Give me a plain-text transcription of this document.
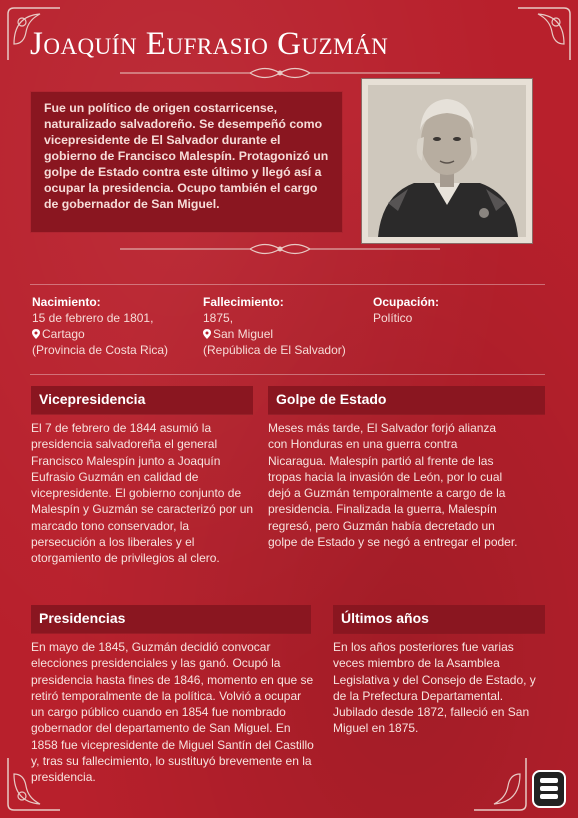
Joaquín Eufrasio Guzmán
Fue un político de origen costarricense, naturalizado salvadoreño. Se desempeñó como vicepresidente de El Salvador durante el gobierno de Francisco Malespín. Protagonizó un golpe de Estado contra este último y llegó así a ocupar la presidencia. Ocupo también el cargo de gobernador de San Miguel.
Nacimiento:
15 de febrero de 1801,
Cartago
(Provincia de Costa Rica)
Fallecimiento:
1875,
San Miguel
(República de El Salvador)
Ocupación:
Político
Vicepresidencia
El 7 de febrero de 1844 asumió la presidencia salvadoreña el general Francisco Malespín junto a Joaquín Eufrasio Guzmán en calidad de vicepresidente. El gobierno conjunto de Malespín y Guzmán se caracterizó por un marcado tono conservador, la persecución a los liberales y el otorgamiento de privilegios al clero.
Golpe de Estado
Meses más tarde, El Salvador forjó alianza con Honduras en una guerra contra Nicaragua. Malespín partió al frente de las tropas hacia la invasión de León, por lo cual dejó a Guzmán temporalmente a cargo de la presidencia. Finalizada la guerra, Malespín regresó, pero Guzmán había decretado un golpe de Estado y se negó a entregar el poder.
Presidencias
En mayo de 1845, Guzmán decidió convocar elecciones presidenciales y las ganó. Ocupó la presidencia hasta fines de 1846, momento en que se retiró temporalmente de la política. Volvió a ocupar un cargo público cuando en 1854 fue nombrado gobernador del departamento de San Miguel. En 1858 fue vicepresidente de Miguel Santín del Castillo y, tras su fallecimiento, lo sustituyó brevemente en la presidencia.
Últimos años
En los años posteriores fue varias veces miembro de la Asamblea Legislativa y del Consejo de Estado, y de la Prefectura Departamental. Jubilado desde 1872, falleció en San Miguel en 1875.
